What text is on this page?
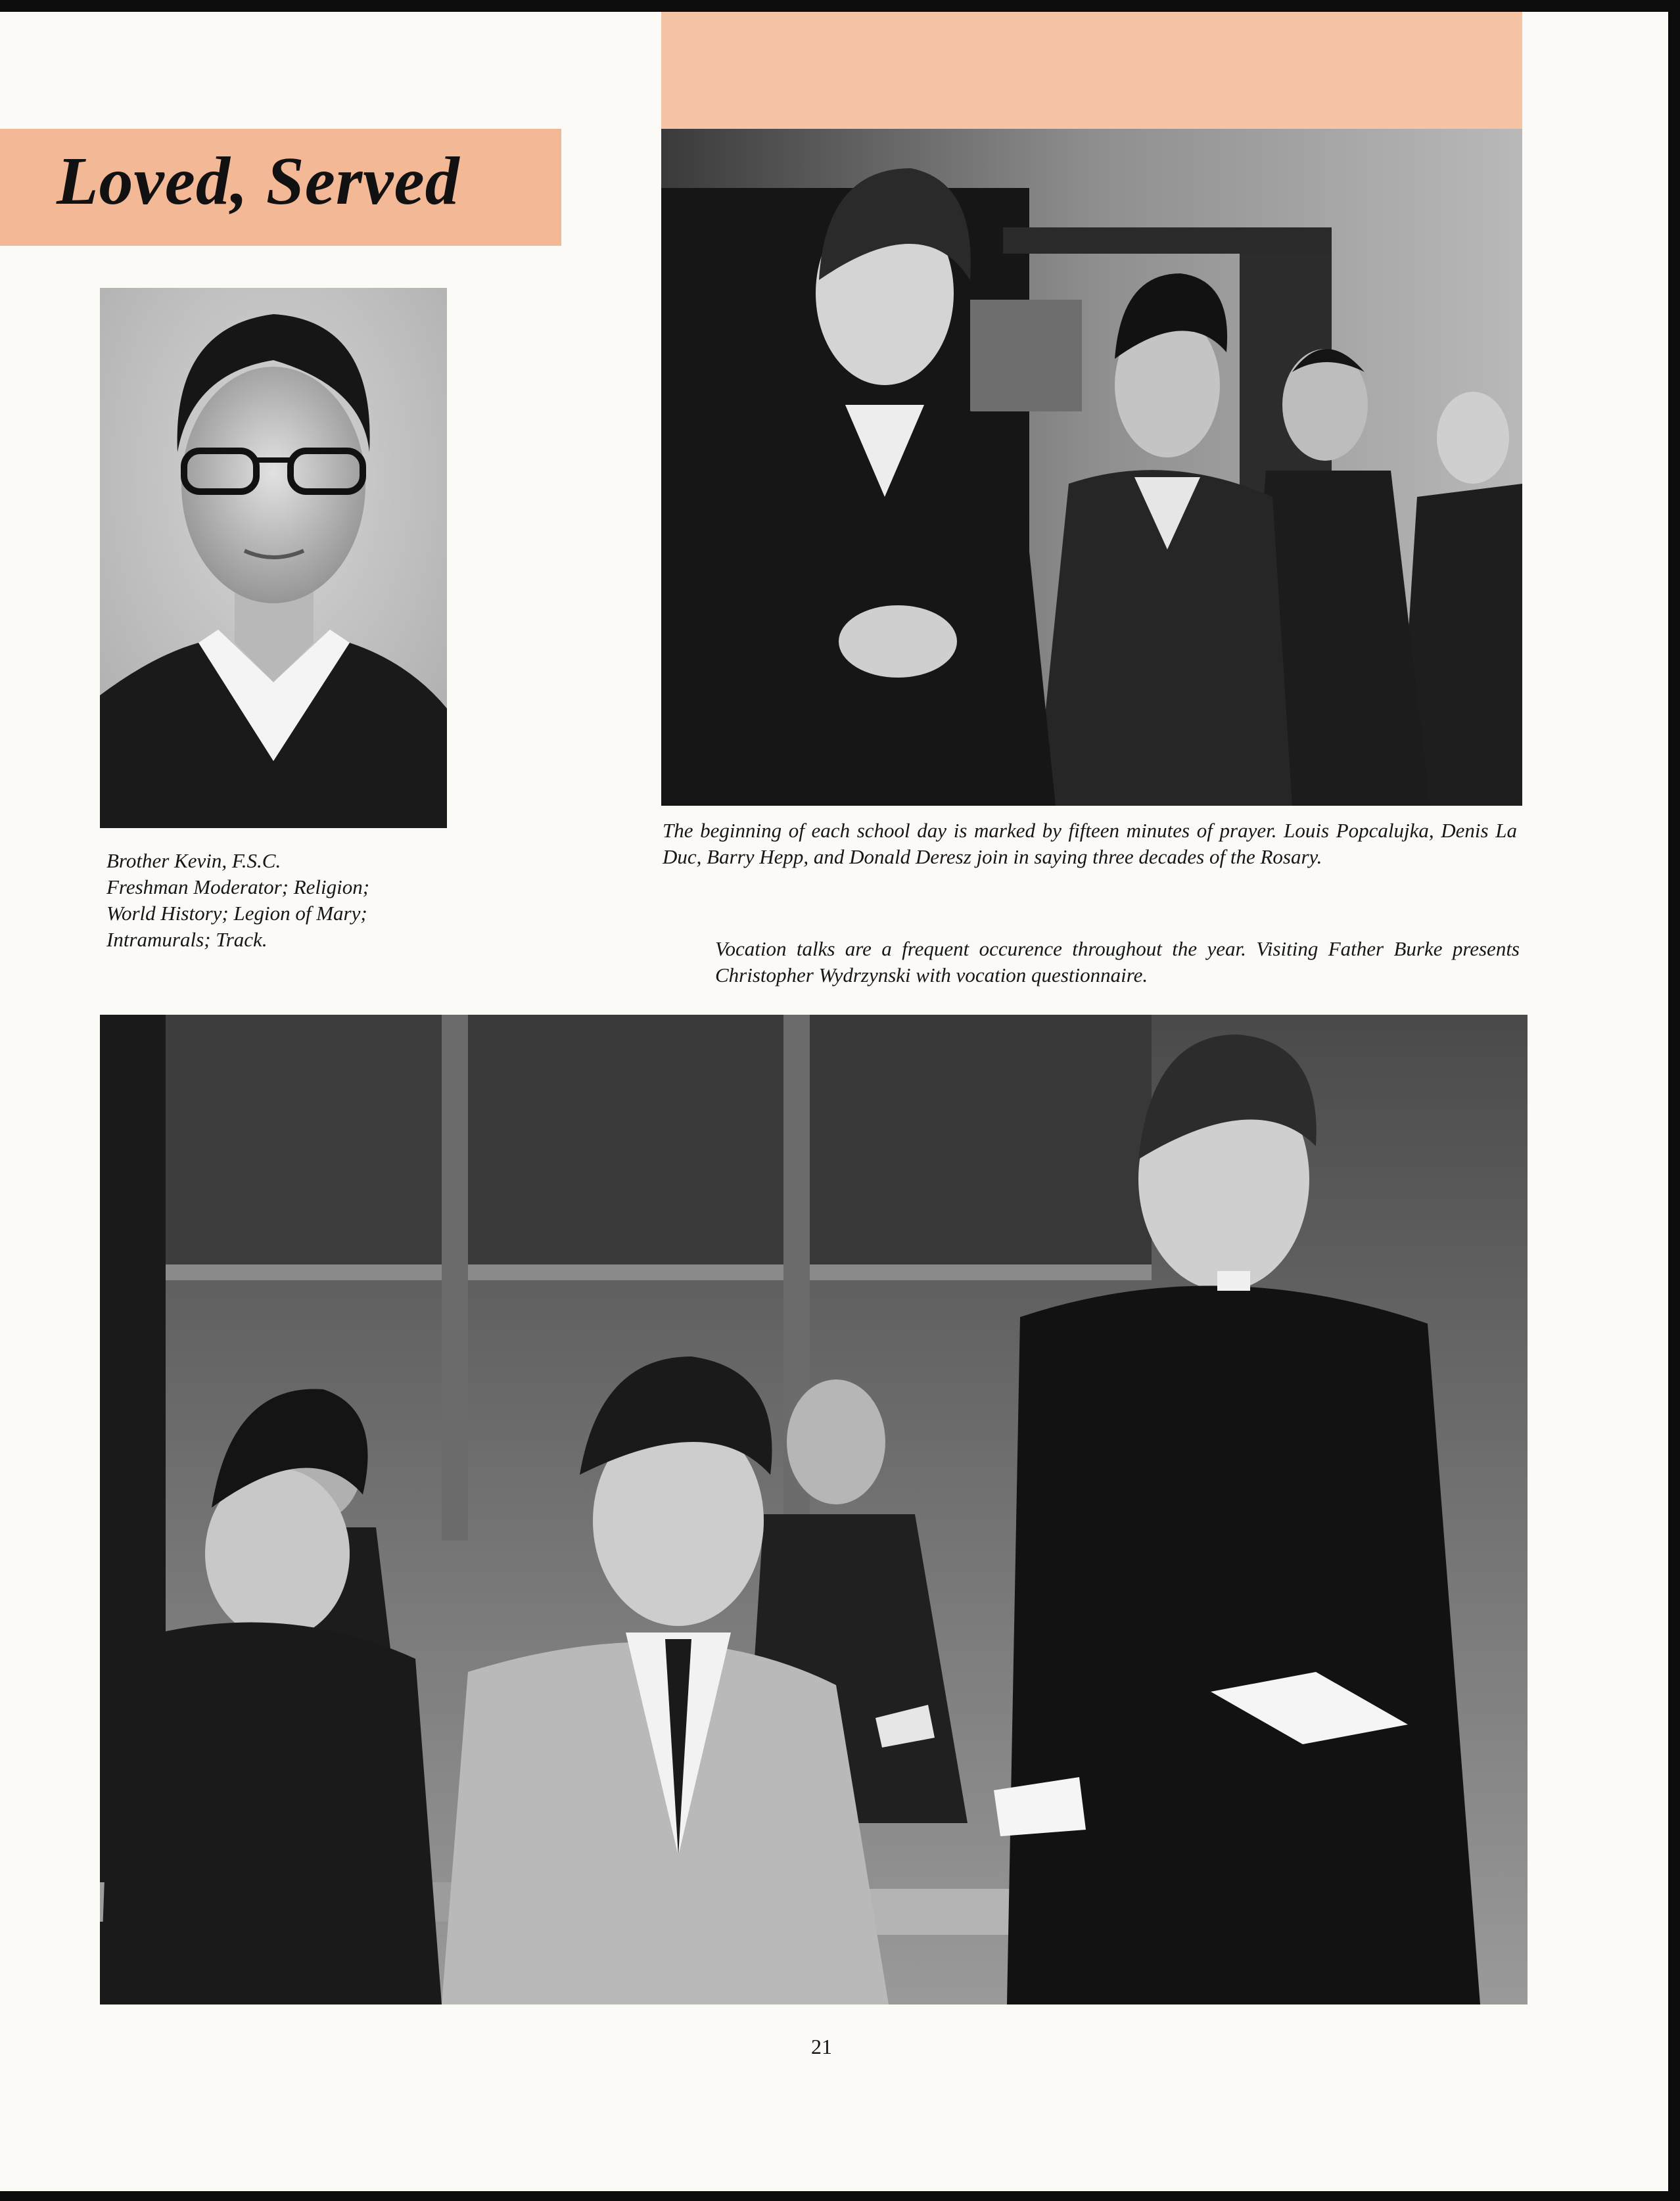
Loved, Served
Brother Kevin, F.S.C.
Freshman Moderator; Religion;
World History; Legion of Mary;
Intramurals; Track.

The beginning of each school day is marked by fifteen minutes of prayer. Louis Popcalujka, Denis La Duc, Barry Hepp, and Donald Deresz join in saying three decades of the Rosary.

Vocation talks are a frequent occurence throughout the year. Visiting Father Burke presents Christopher Wydrzynski with vocation questionnaire.

21
